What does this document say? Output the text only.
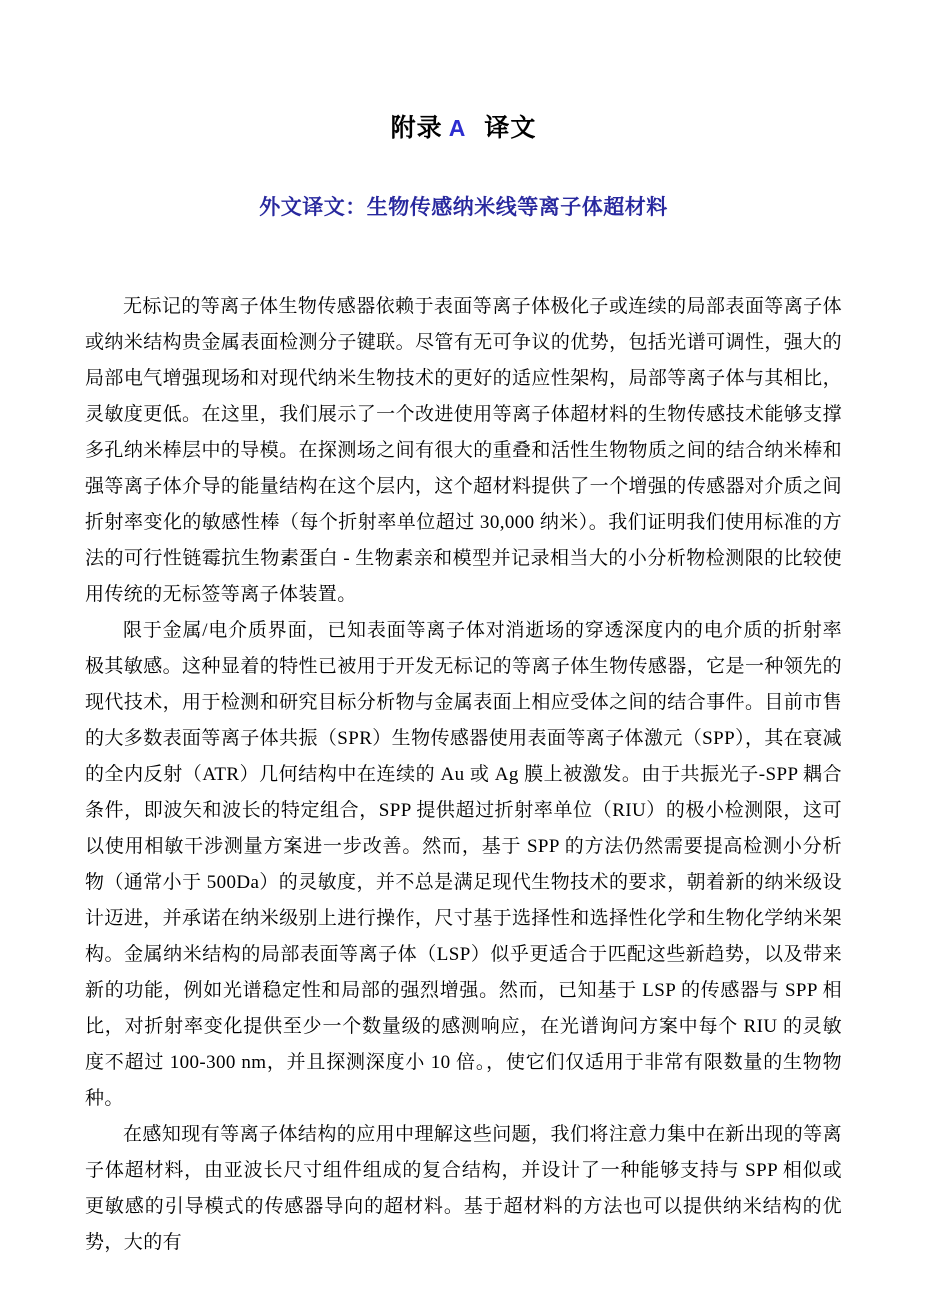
附录 A 译文
外文译文：生物传感纳米线等离子体超材料

无标记的等离子体生物传感器依赖于表面等离子体极化子或连续的局部表面等离子体或纳米结构贵金属表面检测分子键联。尽管有无可争议的优势，包括光谱可调性，强大的局部电气增强现场和对现代纳米生物技术的更好的适应性架构，局部等离子体与其相比，灵敏度更低。在这里，我们展示了一个改进使用等离子体超材料的生物传感技术能够支撑多孔纳米棒层中的导模。在探测场之间有很大的重叠和活性生物物质之间的结合纳米棒和强等离子体介导的能量结构在这个层内，这个超材料提供了一个增强的传感器对介质之间折射率变化的敏感性棒（每个折射率单位超过 30,000 纳米）。我们证明我们使用标准的方法的可行性链霉抗生物素蛋白 - 生物素亲和模型并记录相当大的小分析物检测限的比较使用传统的无标签等离子体装置。

限于金属/电介质界面，已知表面等离子体对消逝场的穿透深度内的电介质的折射率极其敏感。这种显着的特性已被用于开发无标记的等离子体生物传感器，它是一种领先的现代技术，用于检测和研究目标分析物与金属表面上相应受体之间的结合事件。目前市售的大多数表面等离子体共振（SPR）生物传感器使用表面等离子体激元（SPP），其在衰减的全内反射（ATR）几何结构中在连续的 Au 或 Ag 膜上被激发。由于共振光子-SPP 耦合条件，即波矢和波长的特定组合，SPP 提供超过折射率单位（RIU）的极小检测限，这可以使用相敏干涉测量方案进一步改善。然而，基于 SPP 的方法仍然需要提高检测小分析物（通常小于 500Da）的灵敏度，并不总是满足现代生物技术的要求，朝着新的纳米级设计迈进，并承诺在纳米级别上进行操作，尺寸基于选择性和选择性化学和生物化学纳米架构。金属纳米结构的局部表面等离子体（LSP）似乎更适合于匹配这些新趋势，以及带来新的功能，例如光谱稳定性和局部的强烈增强。然而，已知基于 LSP 的传感器与 SPP 相比，对折射率变化提供至少一个数量级的感测响应，在光谱询问方案中每个 RIU 的灵敏度不超过 100-300 nm，并且探测深度小 10 倍。，使它们仅适用于非常有限数量的生物物种。

在感知现有等离子体结构的应用中理解这些问题，我们将注意力集中在新出现的等离子体超材料，由亚波长尺寸组件组成的复合结构，并设计了一种能够支持与 SPP 相似或更敏感的引导模式的传感器导向的超材料。基于超材料的方法也可以提供纳米结构的优势，大的有
